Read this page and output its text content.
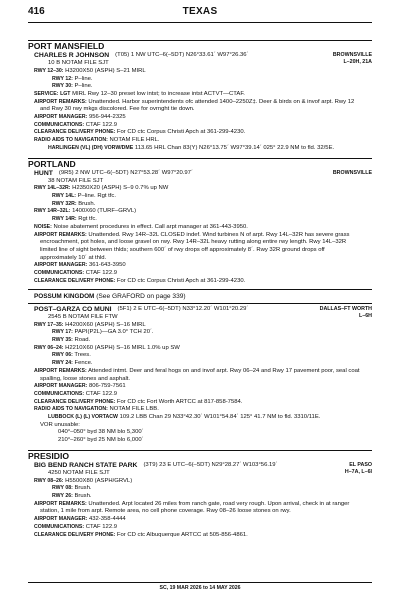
416	TEXAS
PORT MANSFIELD
CHARLES R JOHNSON (T05) 1 NW UTC–6(–5DT) N26°33.61´ W97°26.36´	BROWNSVILLE
L–20H, 21A
10 B NOTAM FILE SJT
RWY 12–30: H3200X50 (ASPH) S–21 MIRL
RWY 12: P–line.
RWY 30: P–line.
SERVICE: LGT MIRL Rwy 12–30 preset low intst; to increase intst ACTVT—CTAF.
AIRPORT REMARKS: Unattended. Harbor superintendents ofc attended 1400–2250Z‡. Deer & birds on & invof arpt. Rwy 12
and Rwy 30 rwy mkgs discolored. Fee for ovrnght tie down.
AIRPORT MANAGER: 956-944-2325
COMMUNICATIONS: CTAF 122.9
CLEARANCE DELIVERY PHONE: For CD ctc Corpus Christi Apch at 361-299-4230.
RADIO AIDS TO NAVIGATION: NOTAM FILE HRL.
HARLINGEN (VL) (DH) VORW/DME 113.65 HRL Chan 83(Y) N26°13.75´ W97°39.14´ 025° 22.9 NM to fld. 32/5E.
PORTLAND
HUNT (9R5) 2 NW UTC–6(–5DT) N27°53.28´ W97°20.97´	BROWNSVILLE
38 NOTAM FILE SJT
RWY 14L–32R: H2350X20 (ASPH) S–9 0.7% up NW
RWY 14L: P–line. Rgt tfc.
RWY 32R: Brush.
RWY 14R–32L: 1400X60 (TURF–GRVL)
RWY 14R: Rgt tfc.
NOISE: Noise abatement procedures in effect. Call arpt manager at 361-443-3950.
AIRPORT REMARKS: Unattended. Rwy 14R–32L CLOSED indef. Wind turbines N of arpt. Rwy 14L–32R has severe grass
encroachment, pot holes, and loose gravel on rwy. Rwy 14R–32L heavy rutting along entire rwy length. Rwy 14L–32R
limited line of sight between thlds; southern 600´ of rwy drops off approximately 8´. Rwy 32R ground drops off
approximately 10´ at thld.
AIRPORT MANAGER: 361-643-3950
COMMUNICATIONS: CTAF 122.9
CLEARANCE DELIVERY PHONE: For CD ctc Corpus Christi Apch at 361-299-4230.
POSSUM KINGDOM (See GRAFORD on page 339)
POST–GARZA CO MUNI (5F1) 2 E UTC–6(–5DT) N33°12.20´ W101°20.29´	DALLAS–FT WORTH
L–6H
2545 B NOTAM FILE FTW
RWY 17–35: H4200X60 (ASPH) S–16 MIRL
RWY 17: PAPI(P2L)—GA 3.0° TCH 20´.
RWY 35: Road.
RWY 06–24: H2210X60 (ASPH) S–16 MIRL 1.0% up SW
RWY 06: Trees.
RWY 24: Fence.
AIRPORT REMARKS: Attended intmt. Deer and feral hogs on and invof arpt. Rwy 06–24 and Rwy 17 pavement poor, seal coat
spalling, loose stones and asphalt.
AIRPORT MANAGER: 806-759-7561
COMMUNICATIONS: CTAF 122.9
CLEARANCE DELIVERY PHONE: For CD ctc Fort Worth ARTCC at 817-858-7584.
RADIO AIDS TO NAVIGATION: NOTAM FILE LBB.
LUBBOCK (L) (L) VORTACW 109.2 LBB Chan 29 N33°42.30´ W101°54.84´ 125° 41.7 NM to fld. 3310/11E.
VOR unusable:
040°–050° byd 38 NM blo 5,300´
210°–260° byd 25 NM blo 6,000´
PRESIDIO
BIG BEND RANCH STATE PARK (3T9) 23 E UTC–6(–5DT) N29°28.27´ W103°56.19´	EL PASO
H–7A, L–6I
4250 NOTAM FILE SJT
RWY 08–26: H5500X80 (ASPH/GRVL)
RWY 08: Brush.
RWY 26: Brush.
AIRPORT REMARKS: Unattended. Arpt located 26 miles from ranch gate, road very rough. Upon arrival, check in at ranger
station, 1 mile from arpt. Remote area, no cell phone coverage. Rwy 08–26 loose stones on rwy.
AIRPORT MANAGER: 432-358-4444
COMMUNICATIONS: CTAF 122.9
CLEARANCE DELIVERY PHONE: For CD ctc Albuquerque ARTCC at 505-856-4861.
SC, 19 MAR 2026 to 14 MAY 2026
